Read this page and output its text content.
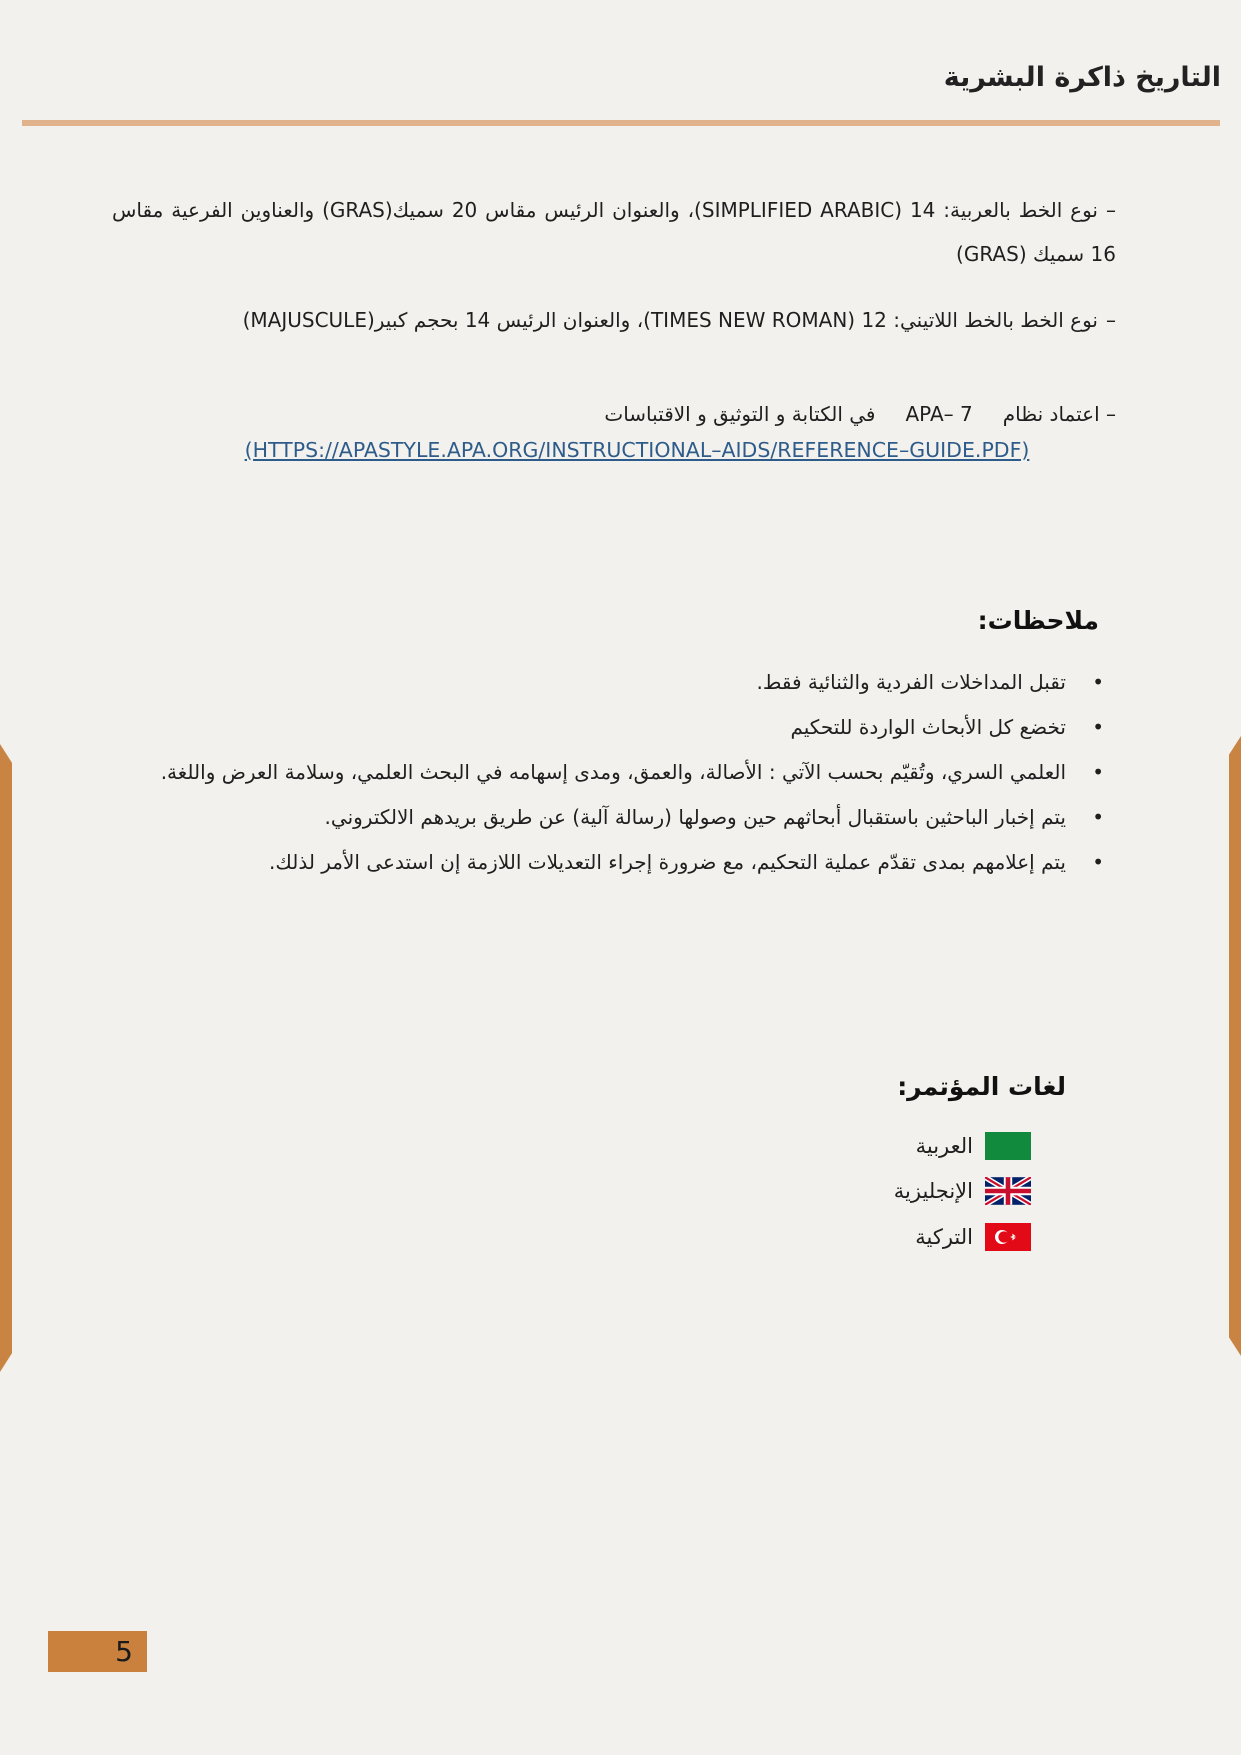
التاريخ ذاكرة البشرية
–نوع الخط بالعربية: 14 (SIMPLIFIED ARABIC)، والعنوان الرئيس مقاس 20 سميك(GRAS) والعناوين الفرعية مقاس 16 سميك (GRAS)
–نوع الخط بالخط اللاتيني: 12 (TIMES NEW ROMAN)، والعنوان الرئيس 14 بحجم كبير(MAJUSCULE)
– اعتماد نظامAPA– 7في الكتابة و التوثيق و الاقتباسات
(HTTPS://APASTYLE.APA.ORG/INSTRUCTIONAL–AIDS/REFERENCE–GUIDE.PDF)
ملاحظات:
•
تقبل المداخلات الفردية والثنائية فقط.
•
تخضع كل الأبحاث الواردة للتحكيم
•
العلمي السري، وتُقيّم بحسب الآتي : الأصالة، والعمق، ومدى إسهامه في البحث العلمي، وسلامة العرض واللغة.
•
يتم إخبار الباحثين باستقبال أبحاثهم حين وصولها (رسالة آلية) عن طريق بريدهم الالكتروني.
•
يتم إعلامهم بمدى تقدّم عملية التحكيم، مع ضرورة إجراء التعديلات اللازمة إن استدعى الأمر لذلك.
لغات المؤتمر:
العربية
الإنجليزية
التركية
5
